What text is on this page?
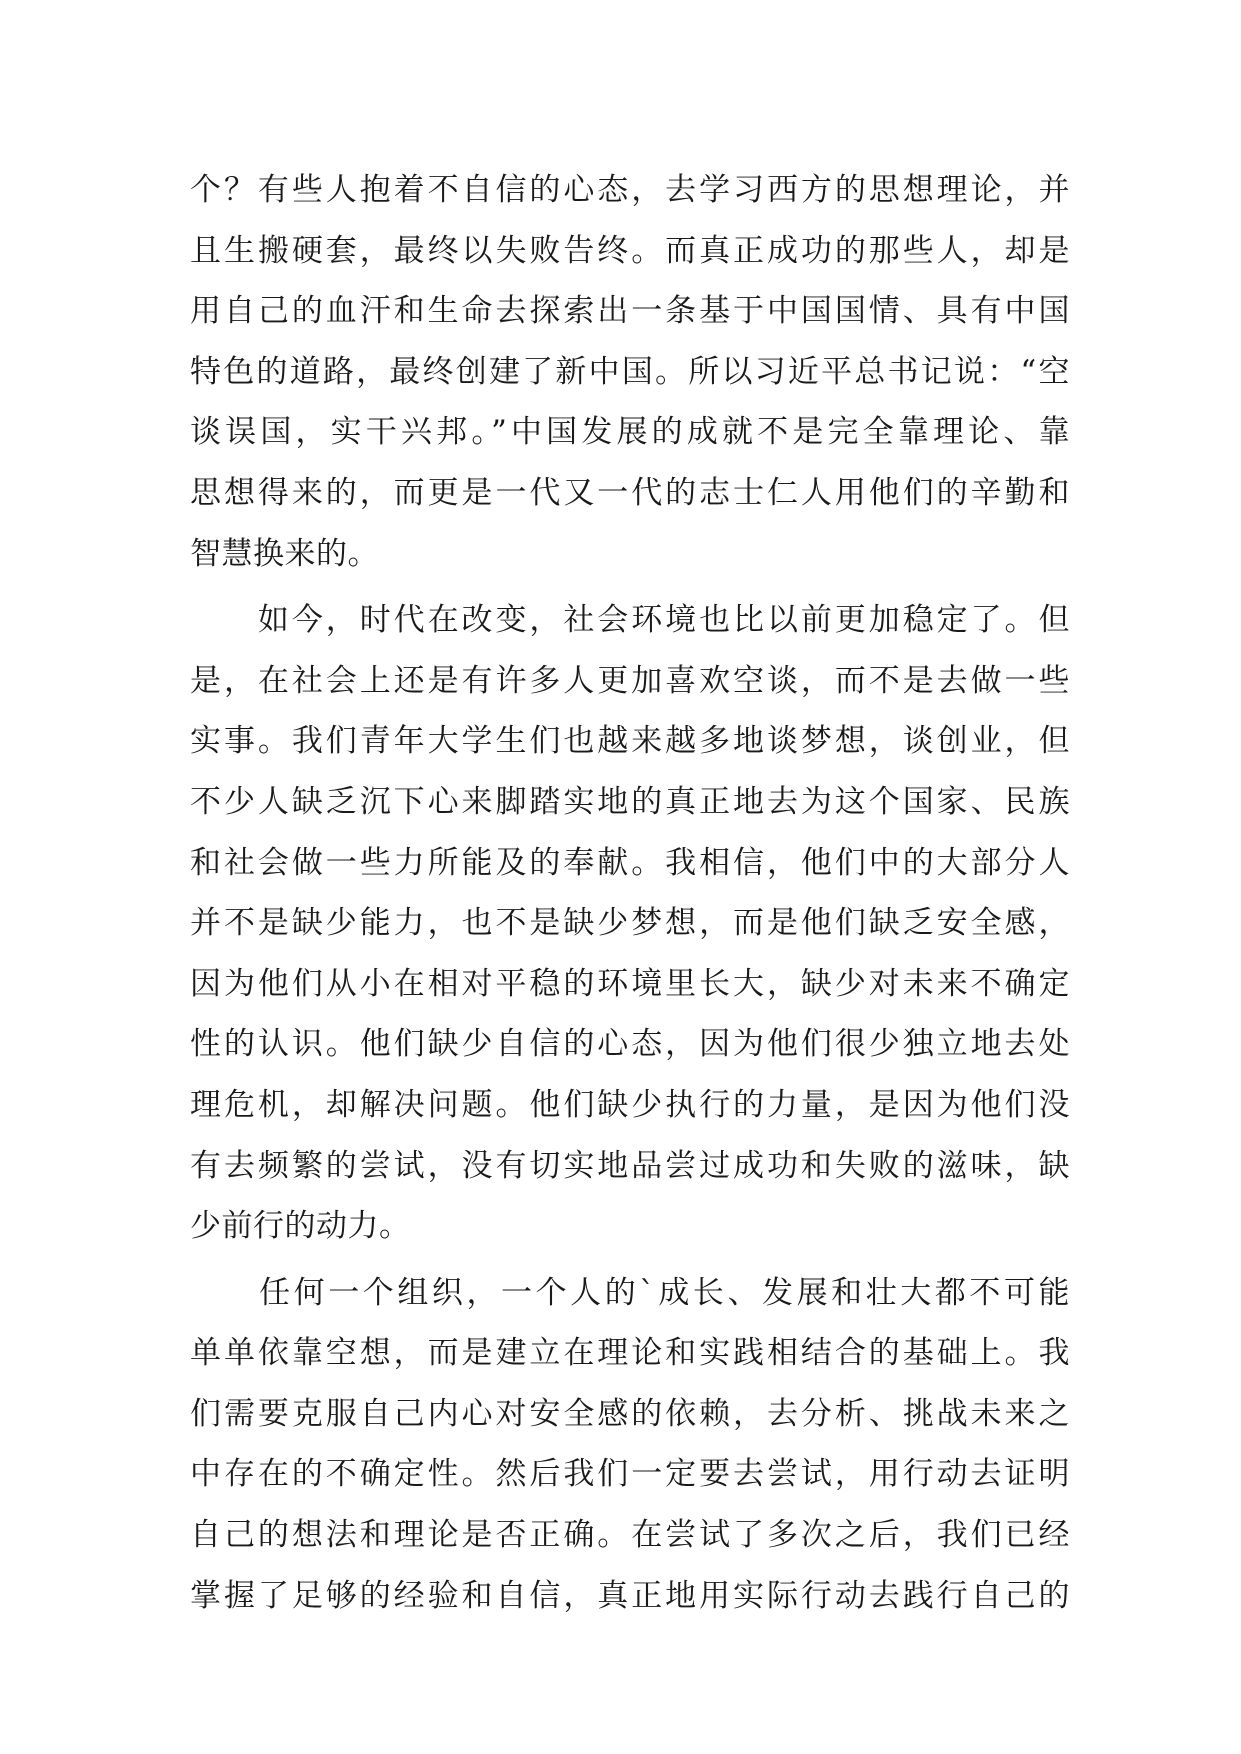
个？有些人抱着不自信的心态，去学习西方的思想理论，并
且生搬硬套，最终以失败告终。而真正成功的那些人，却是
用自己的血汗和生命去探索出一条基于中国国情、具有中国
特色的道路，最终创建了新中国。所以习近平总书记说：“空
谈误国，实干兴邦。”中国发展的成就不是完全靠理论、靠
思想得来的，而更是一代又一代的志士仁人用他们的辛勤和
智慧换来的。
　　如今，时代在改变，社会环境也比以前更加稳定了。但
是，在社会上还是有许多人更加喜欢空谈，而不是去做一些
实事。我们青年大学生们也越来越多地谈梦想，谈创业，但
不少人缺乏沉下心来脚踏实地的真正地去为这个国家、民族
和社会做一些力所能及的奉献。我相信，他们中的大部分人
并不是缺少能力，也不是缺少梦想，而是他们缺乏安全感，
因为他们从小在相对平稳的环境里长大，缺少对未来不确定
性的认识。他们缺少自信的心态，因为他们很少独立地去处
理危机，却解决问题。他们缺少执行的力量，是因为他们没
有去频繁的尝试，没有切实地品尝过成功和失败的滋味，缺
少前行的动力。
　　任何一个组织，一个人的`成长、发展和壮大都不可能
单单依靠空想，而是建立在理论和实践相结合的基础上。我
们需要克服自己内心对安全感的依赖，去分析、挑战未来之
中存在的不确定性。然后我们一定要去尝试，用行动去证明
自己的想法和理论是否正确。在尝试了多次之后，我们已经
掌握了足够的经验和自信，真正地用实际行动去践行自己的
